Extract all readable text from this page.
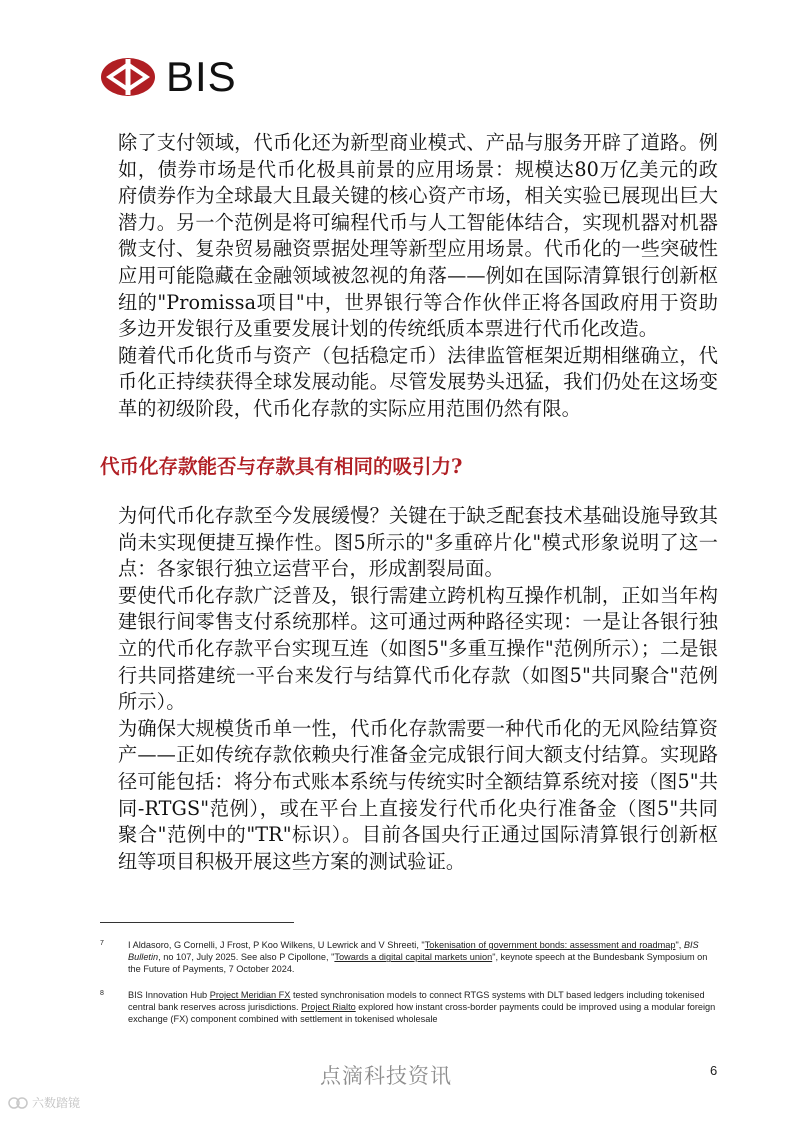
BIS

除了支付领域，代币化还为新型商业模式、产品与服务开辟了道路。例如，债券市场是代币化极具前景的应用场景：规模达80万亿美元的政府债券作为全球最大且最关键的核心资产市场，相关实验已展现出巨大潜力。另一个范例是将可编程代币与人工智能体结合，实现机器对机器微支付、复杂贸易融资票据处理等新型应用场景。代币化的一些突破性应用可能隐藏在金融领域被忽视的角落——例如在国际清算银行创新枢纽的"Promissa项目"中，世界银行等合作伙伴正将各国政府用于资助多边开发银行及重要发展计划的传统纸质本票进行代币化改造。

随着代币化货币与资产（包括稳定币）法律监管框架近期相继确立，代币化正持续获得全球发展动能。尽管发展势头迅猛，我们仍处在这场变革的初级阶段，代币化存款的实际应用范围仍然有限。

代币化存款能否与存款具有相同的吸引力?

为何代币化存款至今发展缓慢？关键在于缺乏配套技术基础设施导致其尚未实现便捷互操作性。图5所示的"多重碎片化"模式形象说明了这一点：各家银行独立运营平台，形成割裂局面。

要使代币化存款广泛普及，银行需建立跨机构互操作机制，正如当年构建银行间零售支付系统那样。这可通过两种路径实现：一是让各银行独立的代币化存款平台实现互连（如图5"多重互操作"范例所示）；二是银行共同搭建统一平台来发行与结算代币化存款（如图5"共同聚合"范例所示）。

为确保大规模货币单一性，代币化存款需要一种代币化的无风险结算资产——正如传统存款依赖央行准备金完成银行间大额支付结算。实现路径可能包括：将分布式账本系统与传统实时全额结算系统对接（图5"共同-RTGS"范例），或在平台上直接发行代币化央行准备金（图5"共同聚合"范例中的"TR"标识）。目前各国央行正通过国际清算银行创新枢纽等项目积极开展这些方案的测试验证。

7	I Aldasoro, G Cornelli, J Frost, P Koo Wilkens, U Lewrick and V Shreeti, "Tokenisation of government bonds: assessment and roadmap", BIS Bulletin, no 107, July 2025. See also P Cipollone, "Towards a digital capital markets union", keynote speech at the Bundesbank Symposium on the Future of Payments, 7 October 2024.
8	BIS Innovation Hub Project Meridian FX tested synchronisation models to connect RTGS systems with DLT based ledgers including tokenised central bank reserves across jurisdictions. Project Rialto explored how instant cross-border payments could be improved using a modular foreign exchange (FX) component combined with settlement in tokenised wholesale
点滴科技资讯	6
六数踏镜
